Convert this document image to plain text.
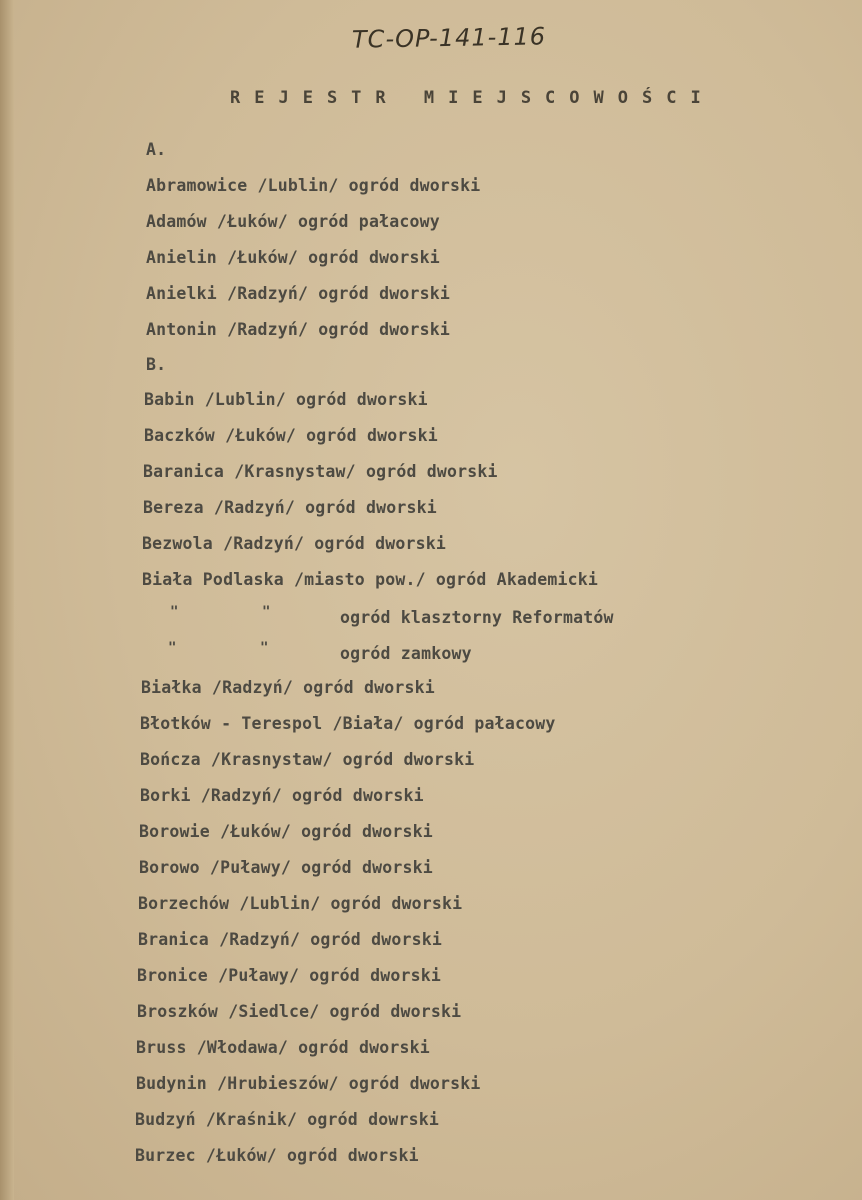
TC-OP-141-116
REJESTR MIEJSCOWOŚCI
A.
Abramowice /Lublin/ ogród dworski
Adamów /Łuków/ ogród pałacowy
Anielin /Łuków/ ogród dworski
Anielki /Radzyń/ ogród dworski
Antonin /Radzyń/ ogród dworski
B.
Babin /Lublin/ ogród dworski
Baczków /Łuków/ ogród dworski
Baranica /Krasnystaw/ ogród dworski
Bereza /Radzyń/ ogród dworski
Bezwola /Radzyń/ ogród dworski
Biała Podlaska /miasto pow./ ogród Akademicki
"	"	ogród klasztorny Reformatów
"	"	ogród zamkowy
Białka /Radzyń/ ogród dworski
Błotków - Terespol /Biała/ ogród pałacowy
Bończa /Krasnystaw/ ogród dworski
Borki /Radzyń/ ogród dworski
Borowie /Łuków/ ogród dworski
Borowo /Puławy/ ogród dworski
Borzechów /Lublin/ ogród dworski
Branica /Radzyń/ ogród dworski
Bronice /Puławy/ ogród dworski
Broszków /Siedlce/ ogród dworski
Bruss /Włodawa/ ogród dworski
Budynin /Hrubieszów/ ogród dworski
Budzyń /Kraśnik/ ogród dowrski
Burzec /Łuków/ ogród dworski
